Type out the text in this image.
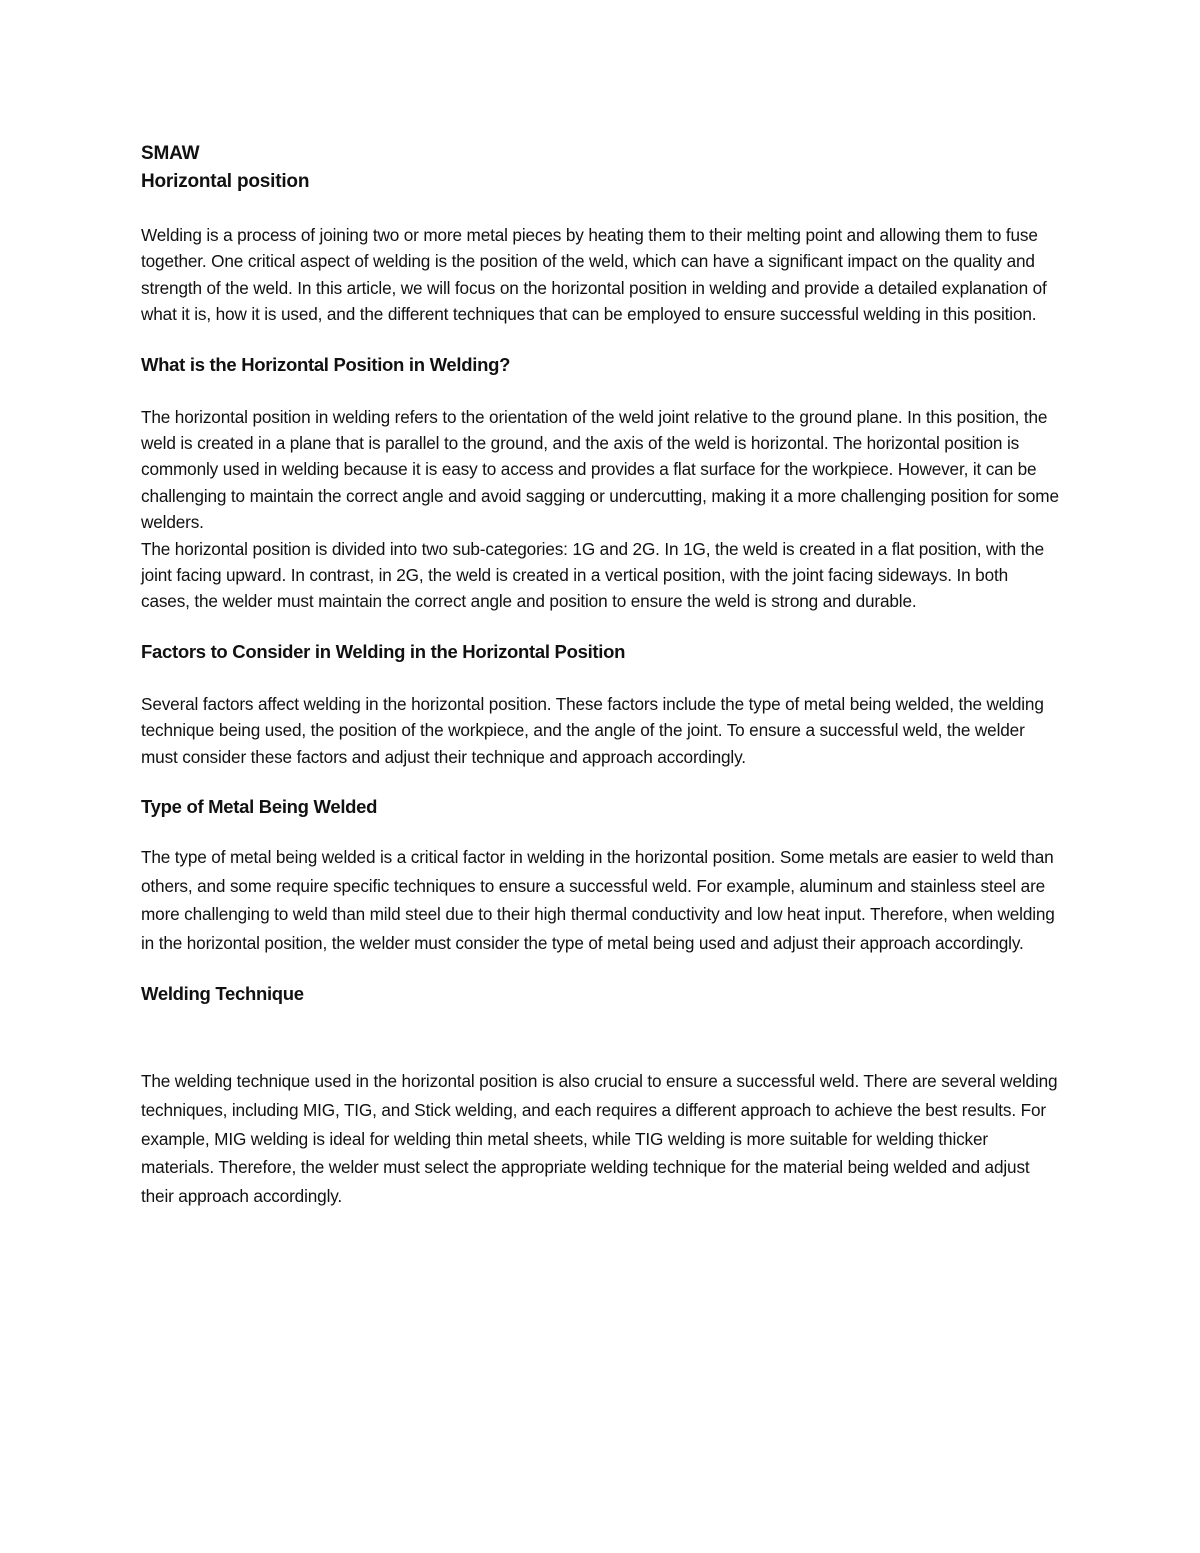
SMAW

Horizontal position

Welding is a process of joining two or more metal pieces by heating them to their melting point and allowing them to fuse together. One critical aspect of welding is the position of the weld, which can have a significant impact on the quality and strength of the weld. In this article, we will focus on the horizontal position in welding and provide a detailed explanation of what it is, how it is used, and the different techniques that can be employed to ensure successful welding in this position.

What is the Horizontal Position in Welding?

The horizontal position in welding refers to the orientation of the weld joint relative to the ground plane. In this position, the weld is created in a plane that is parallel to the ground, and the axis of the weld is horizontal. The horizontal position is commonly used in welding because it is easy to access and provides a flat surface for the workpiece. However, it can be challenging to maintain the correct angle and avoid sagging or undercutting, making it a more challenging position for some welders.

The horizontal position is divided into two sub-categories: 1G and 2G. In 1G, the weld is created in a flat position, with the joint facing upward. In contrast, in 2G, the weld is created in a vertical position, with the joint facing sideways. In both cases, the welder must maintain the correct angle and position to ensure the weld is strong and durable.

Factors to Consider in Welding in the Horizontal Position

Several factors affect welding in the horizontal position. These factors include the type of metal being welded, the welding technique being used, the position of the workpiece, and the angle of the joint. To ensure a successful weld, the welder must consider these factors and adjust their technique and approach accordingly.

Type of Metal Being Welded

The type of metal being welded is a critical factor in welding in the horizontal position. Some metals are easier to weld than others, and some require specific techniques to ensure a successful weld. For example, aluminum and stainless steel are more challenging to weld than mild steel due to their high thermal conductivity and low heat input. Therefore, when welding in the horizontal position, the welder must consider the type of metal being used and adjust their approach accordingly.

Welding Technique

The welding technique used in the horizontal position is also crucial to ensure a successful weld. There are several welding techniques, including MIG, TIG, and Stick welding, and each requires a different approach to achieve the best results. For example, MIG welding is ideal for welding thin metal sheets, while TIG welding is more suitable for welding thicker materials. Therefore, the welder must select the appropriate welding technique for the material being welded and adjust their approach accordingly.
